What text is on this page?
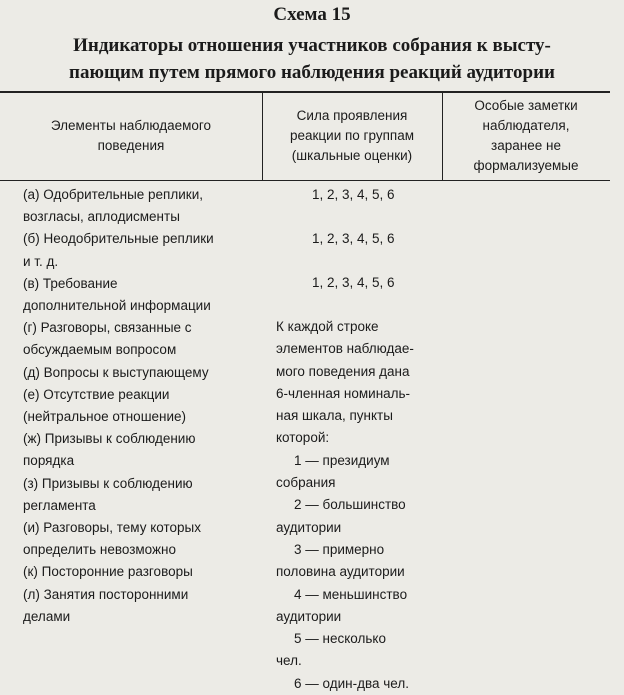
Схема 15
Индикаторы отношения участников собрания к высту-
пающим путем прямого наблюдения реакций аудитории
Элементы наблюдаемого
поведения
Сила проявления
реакции по группам
(шкальные оценки)
Особые заметки
наблюдателя,
заранее не
формализуемые
(а) Одобрительные реплики,
возгласы, аплодисменты
(б) Неодобрительные реплики
и т. д.
(в) Требование
дополнительной информации
(г) Разговоры, связанные с
обсуждаемым вопросом
(д) Вопросы к выступающему
(е) Отсутствие реакции
(нейтральное отношение)
(ж) Призывы к соблюдению
порядка
(з) Призывы к соблюдению
регламента
(и) Разговоры, тему которых
определить невозможно
(к) Посторонние разговоры
(л) Занятия посторонними
делами
1, 2, 3, 4, 5, 6
1, 2, 3, 4, 5, 6
1, 2, 3, 4, 5, 6
К каждой строке
элементов наблюдае-
мого поведения дана
6-членная номиналь-
ная шкала, пункты
которой:
1 — президиум
собрания
2 — большинство
аудитории
3 — примерно
половина аудитории
4 — меньшинство
аудитории
5 — несколько
чел.
6 — один-два чел.
